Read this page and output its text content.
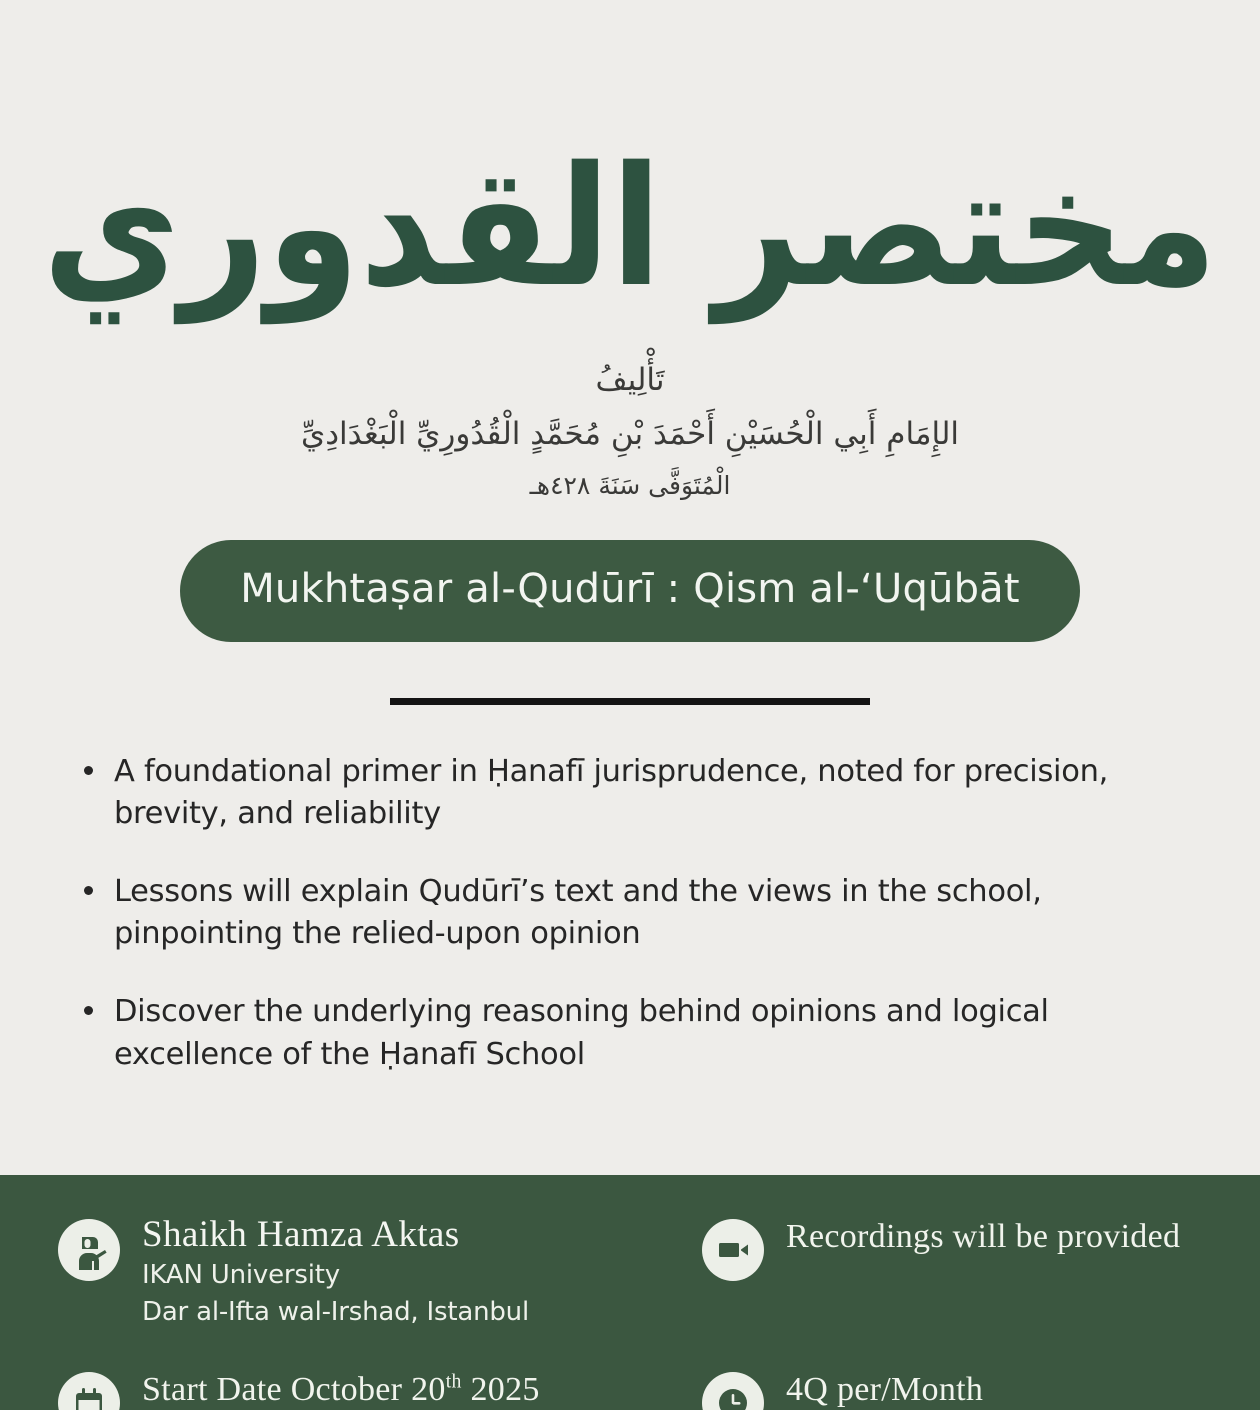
مختصر القدوري
تَأْلِيفُ
الإِمَامِ أَبِي الْحُسَيْنِ أَحْمَدَ بْنِ مُحَمَّدٍ الْقُدُورِيِّ الْبَغْدَادِيِّ
الْمُتَوَفَّى سَنَةَ ٤٢٨هـ
Mukhtaṣar al-Qudūrī : Qism al-ʻUqūbāt
A foundational primer in Ḥanafī jurisprudence, noted for precision, brevity, and reliability
Lessons will explain Qudūrī’s text and the views in the school, pinpointing the relied-upon opinion
Discover the underlying reasoning behind opinions and logical excellence of the Ḥanafī School
Shaikh Hamza Aktas
IKAN University
Dar al-Ifta wal-Irshad, Istanbul
Recordings will be provided
Start Date October 20th 2025	4Q per/Month
